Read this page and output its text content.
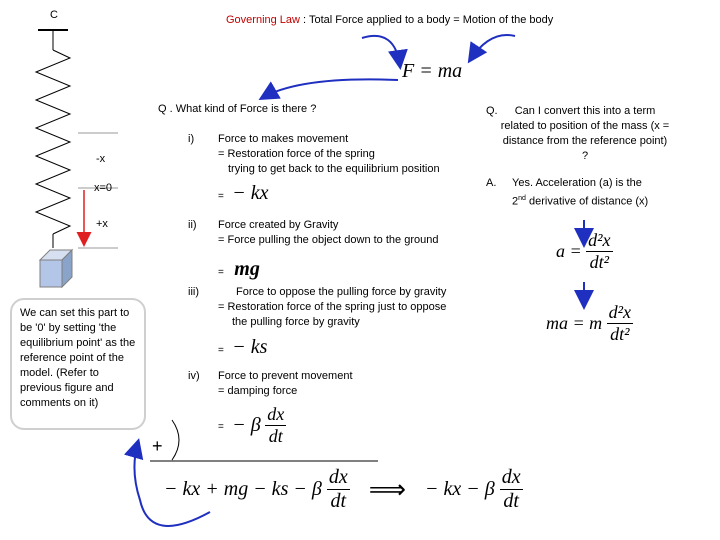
C	Governing Law : Total Force applied to a body = Motion of the body
F = ma
-x
x=0
+x
Q . What kind of Force is there ?
i) Force to makes movement
= Restoration force of the spring
trying to get back to the equilibrium position
= − kx
ii) Force created by Gravity
= Force pulling the object down to the ground
= mg
iii)	Force to oppose the pulling force by gravity
= Restoration force of the spring just to oppose
the pulling force by gravity
= − ks
iv) Force to prevent movement
= damping force
= − β $\frac{dx}{dt}$
We can set this part to be '0' by setting 'the equilibrium point' as the reference point of the model. (Refer to previous figure and comments on it)
Q.	Can I convert this into a term related to position of the mass (x = distance from the reference point) ?
A. Yes. Acceleration (a) is the
2nd derivative of distance (x)
$a = \frac{\text{d²x}}{\text{dt²}}$
ma = m $\frac{\text{d²x}}{\text{dt²}}$
+
− kx + mg − ks − β $\frac{dx}{dt}$ ⟹ − kx − β $\frac{dx}{dt}$
